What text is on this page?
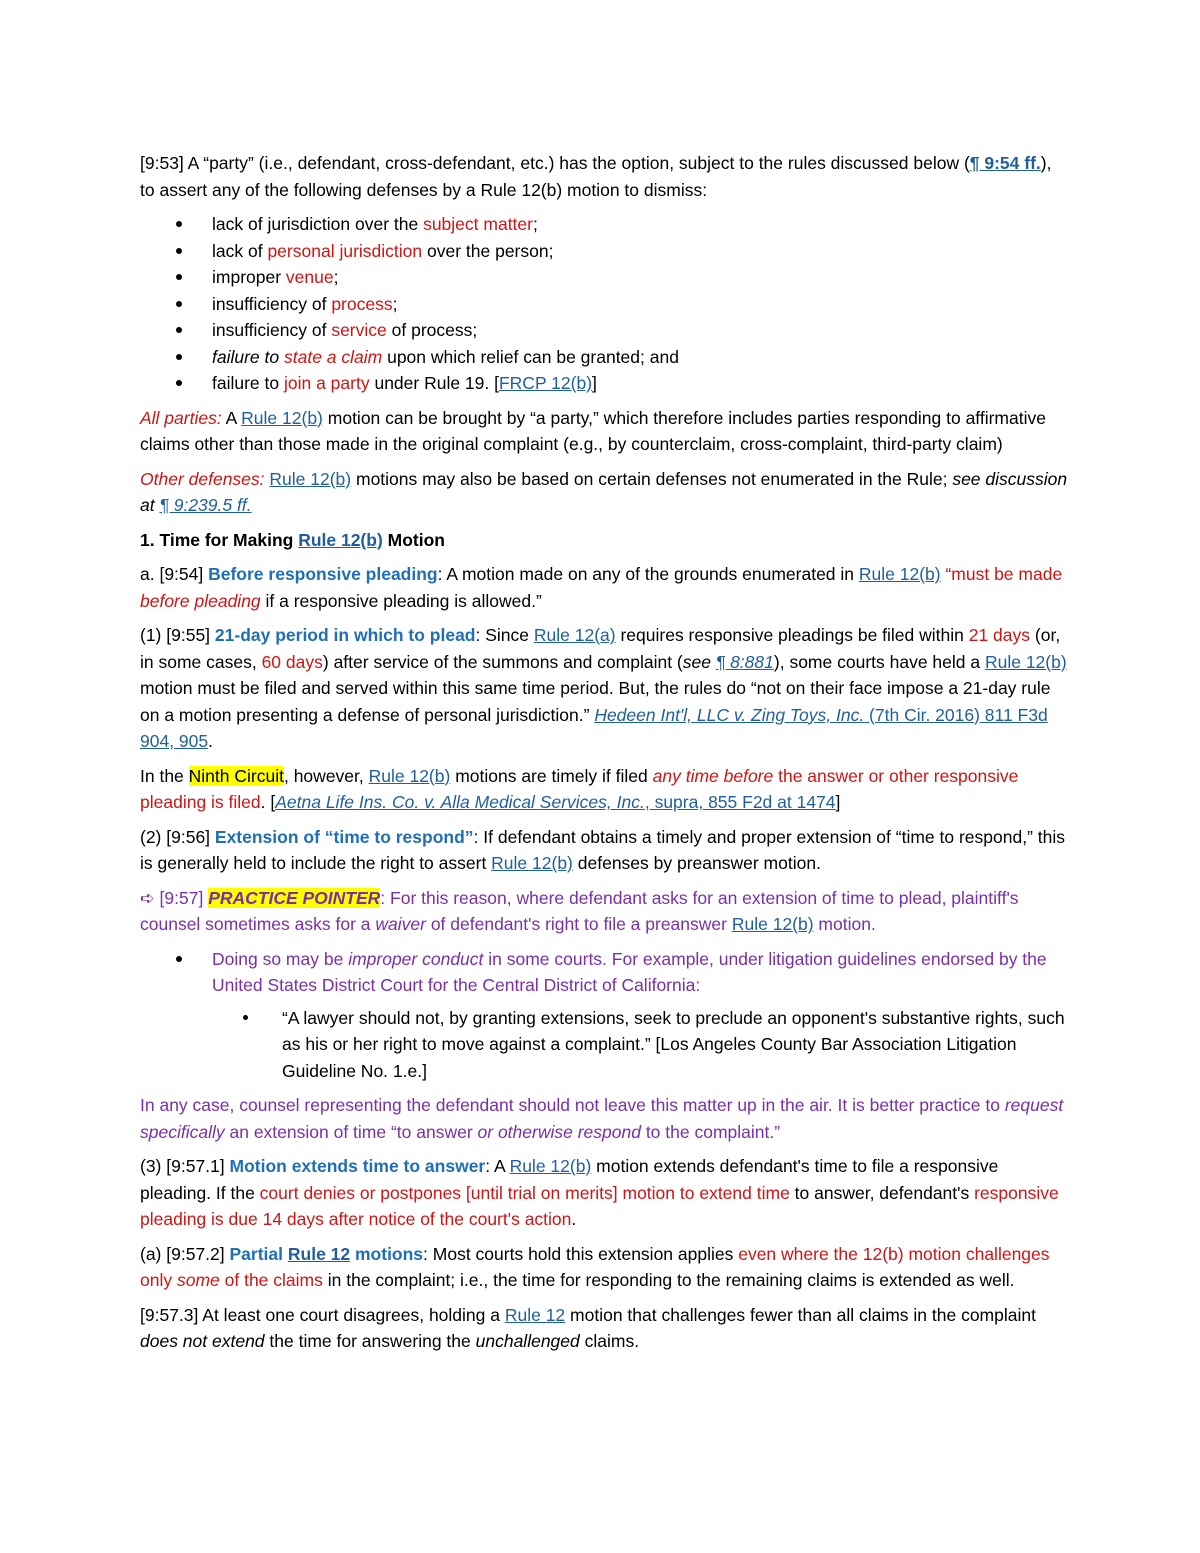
[9:53] A “party” (i.e., defendant, cross-defendant, etc.) has the option, subject to the rules discussed below (¶ 9:54 ff.), to assert any of the following defenses by a Rule 12(b) motion to dismiss:

lack of jurisdiction over the subject matter;
lack of personal jurisdiction over the person;
improper venue;
insufficiency of process;
insufficiency of service of process;
failure to state a claim upon which relief can be granted; and
failure to join a party under Rule 19. [FRCP 12(b)]

All parties: A Rule 12(b) motion can be brought by “a party,” which therefore includes parties responding to affirmative claims other than those made in the original complaint (e.g., by counterclaim, cross-complaint, third-party claim)

Other defenses: Rule 12(b) motions may also be based on certain defenses not enumerated in the Rule; see discussion at ¶ 9:239.5 ff.

1. Time for Making Rule 12(b) Motion

a. [9:54] Before responsive pleading: A motion made on any of the grounds enumerated in Rule 12(b) “must be made before pleading if a responsive pleading is allowed.”

(1) [9:55] 21-day period in which to plead: Since Rule 12(a) requires responsive pleadings be filed within 21 days (or, in some cases, 60 days) after service of the summons and complaint (see ¶ 8:881), some courts have held a Rule 12(b) motion must be filed and served within this same time period. But, the rules do “not on their face impose a 21-day rule on a motion presenting a defense of personal jurisdiction.” Hedeen Int'l, LLC v. Zing Toys, Inc. (7th Cir. 2016) 811 F3d 904, 905.

In the Ninth Circuit, however, Rule 12(b) motions are timely if filed any time before the answer or other responsive pleading is filed. [Aetna Life Ins. Co. v. Alla Medical Services, Inc., supra, 855 F2d at 1474]

(2) [9:56] Extension of “time to respond”: If defendant obtains a timely and proper extension of “time to respond,” this is generally held to include the right to assert Rule 12(b) defenses by preanswer motion.

➪ [9:57] PRACTICE POINTER: For this reason, where defendant asks for an extension of time to plead, plaintiff's counsel sometimes asks for a waiver of defendant's right to file a preanswer Rule 12(b) motion.

Doing so may be improper conduct in some courts. For example, under litigation guidelines endorsed by the United States District Court for the Central District of California:
“A lawyer should not, by granting extensions, seek to preclude an opponent's substantive rights, such as his or her right to move against a complaint.” [Los Angeles County Bar Association Litigation Guideline No. 1.e.]

In any case, counsel representing the defendant should not leave this matter up in the air. It is better practice to request specifically an extension of time “to answer or otherwise respond to the complaint.”

(3) [9:57.1] Motion extends time to answer: A Rule 12(b) motion extends defendant's time to file a responsive pleading. If the court denies or postpones [until trial on merits] motion to extend time to answer, defendant's responsive pleading is due 14 days after notice of the court's action.

(a) [9:57.2] Partial Rule 12 motions: Most courts hold this extension applies even where the 12(b) motion challenges only some of the claims in the complaint; i.e., the time for responding to the remaining claims is extended as well.

[9:57.3] At least one court disagrees, holding a Rule 12 motion that challenges fewer than all claims in the complaint does not extend the time for answering the unchallenged claims.
